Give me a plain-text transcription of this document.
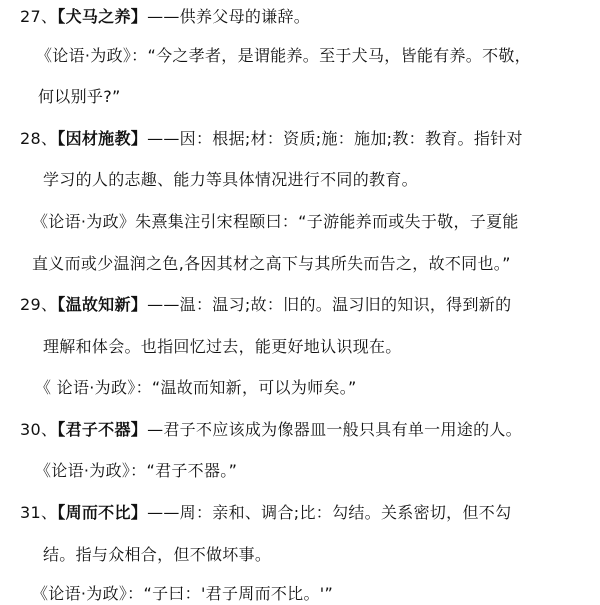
27、【犬马之养】——供养父母的谦辞。
《论语·为政》：“今之孝者，是谓能养。至于犬马，皆能有养。不敬，
何以别乎?”
28、【因材施教】——因：根据;材：资质;施：施加;教：教育。指针对
学习的人的志趣、能力等具体情况进行不同的教育。
《论语·为政》朱熹集注引宋程颐曰：“子游能养而或失于敬，子夏能
直义而或少温润之色,各因其材之高下与其所失而告之，故不同也。”
29、【温故知新】——温：温习;故：旧的。温习旧的知识，得到新的
理解和体会。也指回忆过去，能更好地认识现在。
《 论语·为政》：“温故而知新，可以为师矣。”
30、【君子不器】—君子不应该成为像器皿一般只具有单一用途的人。
《论语·为政》：“君子不器。”
31、【周而不比】——周：亲和、调合;比：勾结。关系密切，但不勾
结。指与众相合，但不做坏事。
《论语·为政》：“子曰：'君子周而不比。'”
